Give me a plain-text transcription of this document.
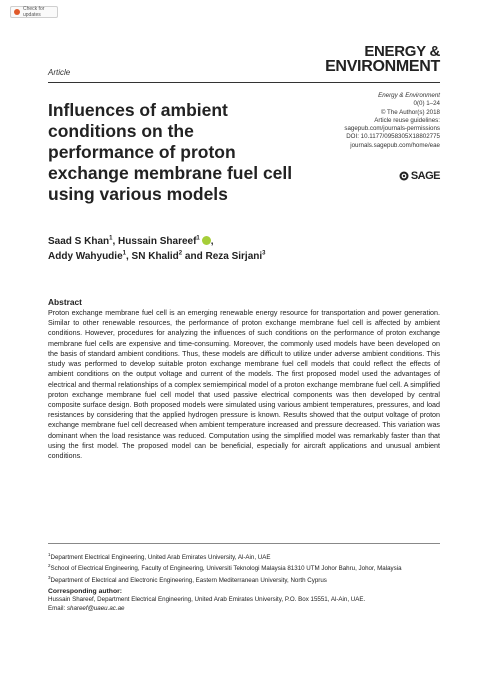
Check for updates
ENERGY &
ENVIRONMENT
Article
Influences of ambient conditions on the performance of proton exchange membrane fuel cell using various models
Energy & Environment
0(0) 1–24
© The Author(s) 2018
Article reuse guidelines:
sagepub.com/journals-permissions
DOI: 10.1177/0958305X18802775
journals.sagepub.com/home/eae
SAGE
Saad S Khan$^1$, Hussain Shareef$^1$ ,
Addy Wahyudie$^1$, SN Khalid$^2$ and Reza Sirjani$^3$
Abstract
Proton exchange membrane fuel cell is an emerging renewable energy resource for transportation and power generation. Similar to other renewable resources, the performance of proton exchange membrane fuel cell is affected by ambient conditions. However, procedures for analyzing the influences of such conditions on the performance of proton exchange membrane fuel cells are expensive and time-consuming. Moreover, the commonly used models have been developed on the basis of standard ambient conditions. Thus, these models are difficult to utilize under adverse ambient conditions. This study was performed to develop suitable proton exchange membrane fuel cell models that could reflect the effects of ambient conditions on the output voltage and current of the models. The first proposed model used the advantages of electrical and thermal relationships of a complex semiempirical model of a proton exchange membrane fuel cell. A simplified proton exchange membrane fuel cell model that used passive electrical components was then developed by central composite surface design. Both proposed models were simulated using various ambient temperatures, pressures, and load resistances by considering that the applied hydrogen pressure is known. Results showed that the output voltage of proton exchange membrane fuel cell decreased when ambient temperature increased and pressure decreased. This variation was dominant when the load resistance was reduced. Computation using the simplified model was remarkably faster than that using the first model. The proposed model can be beneficial, especially for aircraft applications and unusual ambient conditions.
$^1$Department Electrical Engineering, United Arab Emirates University, Al-Ain, UAE
$^2$School of Electrical Engineering, Faculty of Engineering, Universiti Teknologi Malaysia 81310 UTM Johor Bahru, Johor, Malaysia
$^3$Department of Electrical and Electronic Engineering, Eastern Mediterranean University, North Cyprus
Corresponding author:
Hussain Shareef, Department Electrical Engineering, United Arab Emirates University, P.O. Box 15551, Al-Ain, UAE.
Email: shareef@uaeu.ac.ae
